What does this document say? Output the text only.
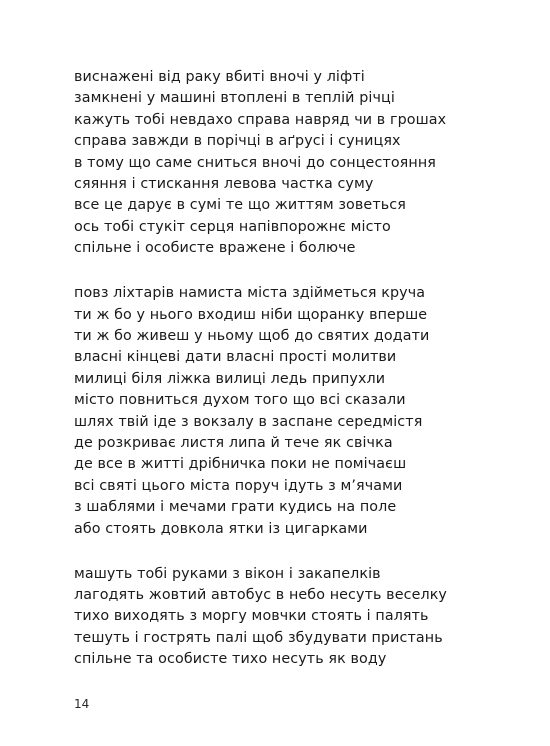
виснажені від раку вбиті вночі у ліфті
замкнені у машині втоплені в теплій річці
кажуть тобі невдахо справа навряд чи в грошах
справа завжди в порічці в аґрусі і суницях
в тому що саме сниться вночі до сонцестояння
сяяння і стискання левова частка суму
все це дарує в сумі те що життям зоветься
ось тобі стукіт серця напівпорожнє місто
спільне і особисте вражене і болюче
повз ліхтарів намиста міста здійметься круча
ти ж бо у нього входиш ніби щоранку вперше
ти ж бо живеш у ньому щоб до святих додати
власні кінцеві дати власні прості молитви
милиці біля ліжка вилиці ледь припухли
місто повниться духом того що всі сказали
шлях твій іде з вокзалу в заспане середмістя
де розкриває листя липа й тече як свічка
де все в житті дрібничка поки не помічаєш
всі святі цього міста поруч ідуть з м’ячами
з шаблями і мечами грати кудись на поле
або стоять довкола ятки із цигарками
машуть тобі руками з вікон і закапелків
лагодять жовтий автобус в небо несуть веселку
тихо виходять з моргу мовчки стоять і палять
тешуть і гострять палі щоб збудувати пристань
спільне та особисте тихо несуть як воду
14
